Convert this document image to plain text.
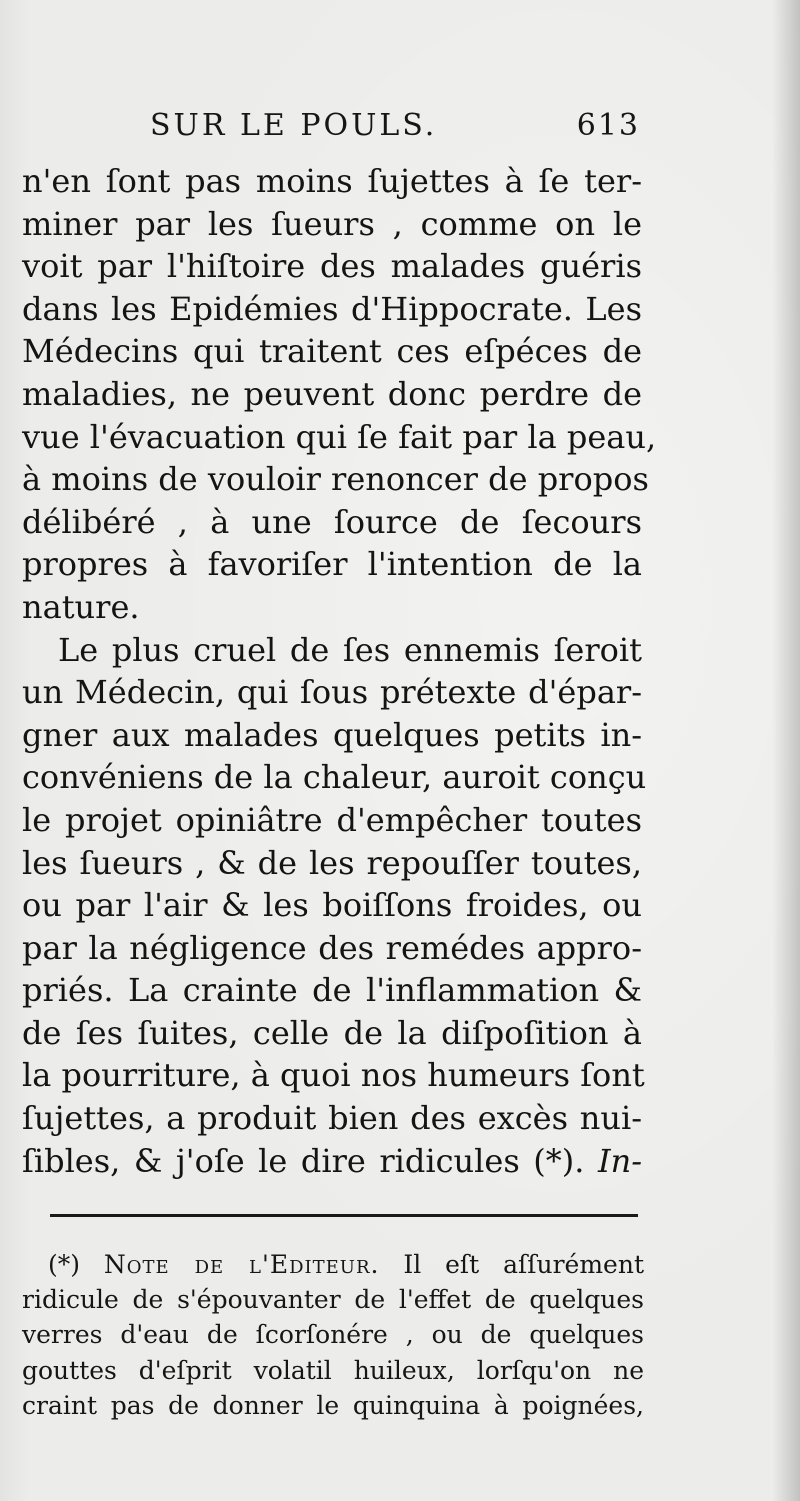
SUR LE POULS.	613
n'en ſont pas moins ſujettes à ſe ter-
miner par les ſueurs , comme on le
voit par l'hiſtoire des malades guéris
dans les Epidémies d'Hippocrate. Les
Médecins qui traitent ces eſpéces de
maladies, ne peuvent donc perdre de
vue l'évacuation qui ſe fait par la peau,
à moins de vouloir renoncer de propos
délibéré , à une ſource de ſecours
propres à favoriſer l'intention de la
nature.
Le plus cruel de ſes ennemis ſeroit
un Médecin, qui ſous prétexte d'épar-
gner aux malades quelques petits in-
convéniens de la chaleur, auroit conçu
le projet opiniâtre d'empêcher toutes
les ſueurs , & de les repouſſer toutes,
ou par l'air & les boiſſons froides, ou
par la négligence des remédes appro-
priés. La crainte de l'inflammation &
de ſes ſuites, celle de la diſpoſition à
la pourriture, à quoi nos humeurs ſont
ſujettes, a produit bien des excès nui-
ſibles, & j'oſe le dire ridicules (*). In-
(*) Note de l'Editeur. Il eſt aſſurément
ridicule de s'épouvanter de l'effet de quelques
verres d'eau de ſcorſonére , ou de quelques
gouttes d'eſprit volatil huileux, lorſqu'on ne
craint pas de donner le quinquina à poignées,
